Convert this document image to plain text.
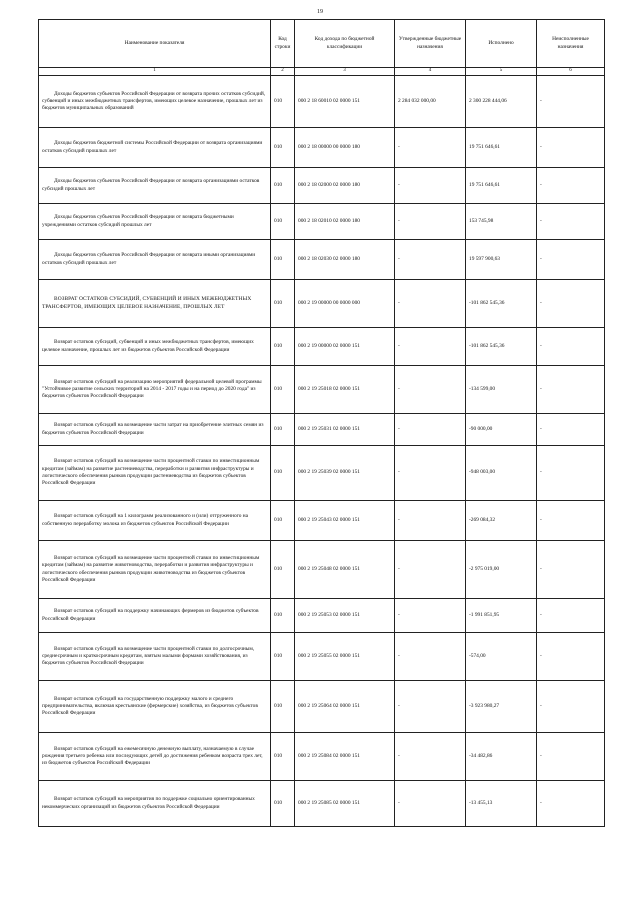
19
Наименование показателя	Код строки	Код дохода по бюджетной классификации	Утвержденные бюджетные назначения	Исполнено	Неисполненные назначения
1	2	3	4	5	6
Доходы бюджетов субъектов Российской Федерации от возврата прочих остатков субсидий, субвенций и иных межбюджетных трансфертов, имеющих целевое назначение, прошлых лет из бюджетов муниципальных образований	010	000 2 18 60010 02 0000 151	2 284 032 000,00	2 300 228 444,06	-
Доходы бюджетов бюджетной системы Российской Федерации от возврата организациями остатков субсидий прошлых лет	010	000 2 18 00000 00 0000 180	-	19 751 646,61	-
Доходы бюджетов субъектов Российской Федерации от возврата организациями остатков субсидий прошлых лет	010	000 2 18 02000 02 0000 180	-	19 751 646,61	-
Доходы бюджетов субъектов Российской Федерации от возврата бюджетными учреждениями остатков субсидий прошлых лет	010	000 2 18 02010 02 0000 180	-	153 745,98	-
Доходы бюджетов субъектов Российской Федерации от возврата иными организациями остатков субсидий прошлых лет	010	000 2 18 02030 02 0000 180	-	19 597 900,63	-
ВОЗВРАТ ОСТАТКОВ СУБСИДИЙ, СУБВЕНЦИЙ И ИНЫХ МЕЖБЮДЖЕТНЫХ ТРАНСФЕРТОВ, ИМЕЮЩИХ ЦЕЛЕВОЕ НАЗНАЧЕНИЕ, ПРОШЛЫХ ЛЕТ	010	000 2 19 00000 00 0000 000	-	-101 862 545,36	-
Возврат остатков субсидий, субвенций и иных межбюджетных трансфертов, имеющих целевое назначение, прошлых лет из бюджетов субъектов Российской Федерации	010	000 2 19 00000 02 0000 151	-	-101 862 545,36	-
Возврат остатков субсидий на реализацию мероприятий федеральной целевой программы "Устойчивое развитие сельских территорий на 2014 - 2017 годы и на период до 2020 года" из бюджетов субъектов Российской Федерации	010	000 2 19 25018 02 0000 151	-	-134 599,00	-
Возврат остатков субсидий на возмещение части затрат на приобретение элитных семян из бюджетов субъектов Российской Федерации	010	000 2 19 25031 02 0000 151	-	-90 000,00	-
Возврат остатков субсидий на возмещение части процентной ставки по инвестиционным кредитам (займам) на развитие растениеводства, переработки и развития инфраструктуры и логистического обеспечения рынков продукции растениеводства из бюджетов субъектов Российской Федерации	010	000 2 19 25039 02 0000 151	-	-948 003,00	-
Возврат остатков субсидий на 1 килограмм реализованного и (или) отгруженного на собственную переработку молока из бюджетов субъектов Российской Федерации	010	000 2 19 25043 02 0000 151	-	-269 084,32	-
Возврат остатков субсидий на возмещение части процентной ставки по инвестиционным кредитам (займам) на развитие животноводства, переработки и развития инфраструктуры и логистического обеспечения рынков продукции животноводства из бюджетов субъектов Российской Федерации	010	000 2 19 25048 02 0000 151	-	-2 975 019,00	-
Возврат остатков субсидий на поддержку начинающих фермеров из бюджетов субъектов Российской Федерации	010	000 2 19 25053 02 0000 151	-	-1 991 851,95	-
Возврат остатков субсидий на возмещение части процентной ставки по долгосрочным, среднесрочным и краткосрочным кредитам, взятым малыми формами хозяйствования, из бюджетов субъектов Российской Федерации	010	000 2 19 25055 02 0000 151	-	-574,00	-
Возврат остатков субсидий на государственную поддержку малого и среднего предпринимательства, включая крестьянские (фермерские) хозяйства, из бюджетов субъектов Российской Федерации	010	000 2 19 25064 02 0000 151	-	-3 923 980,27	-
Возврат остатков субсидий на ежемесячную денежную выплату, назначаемую в случае рождения третьего ребенка или последующих детей до достижения ребенком возраста трех лет, из бюджетов субъектов Российской Федерации	010	000 2 19 25084 02 0000 151	-	-34 482,86	-
Возврат остатков субсидий на мероприятия по поддержке социально ориентированных некоммерческих организаций из бюджетов субъектов Российской Федерации	010	000 2 19 25085 02 0000 151	-	-13 455,13	-
